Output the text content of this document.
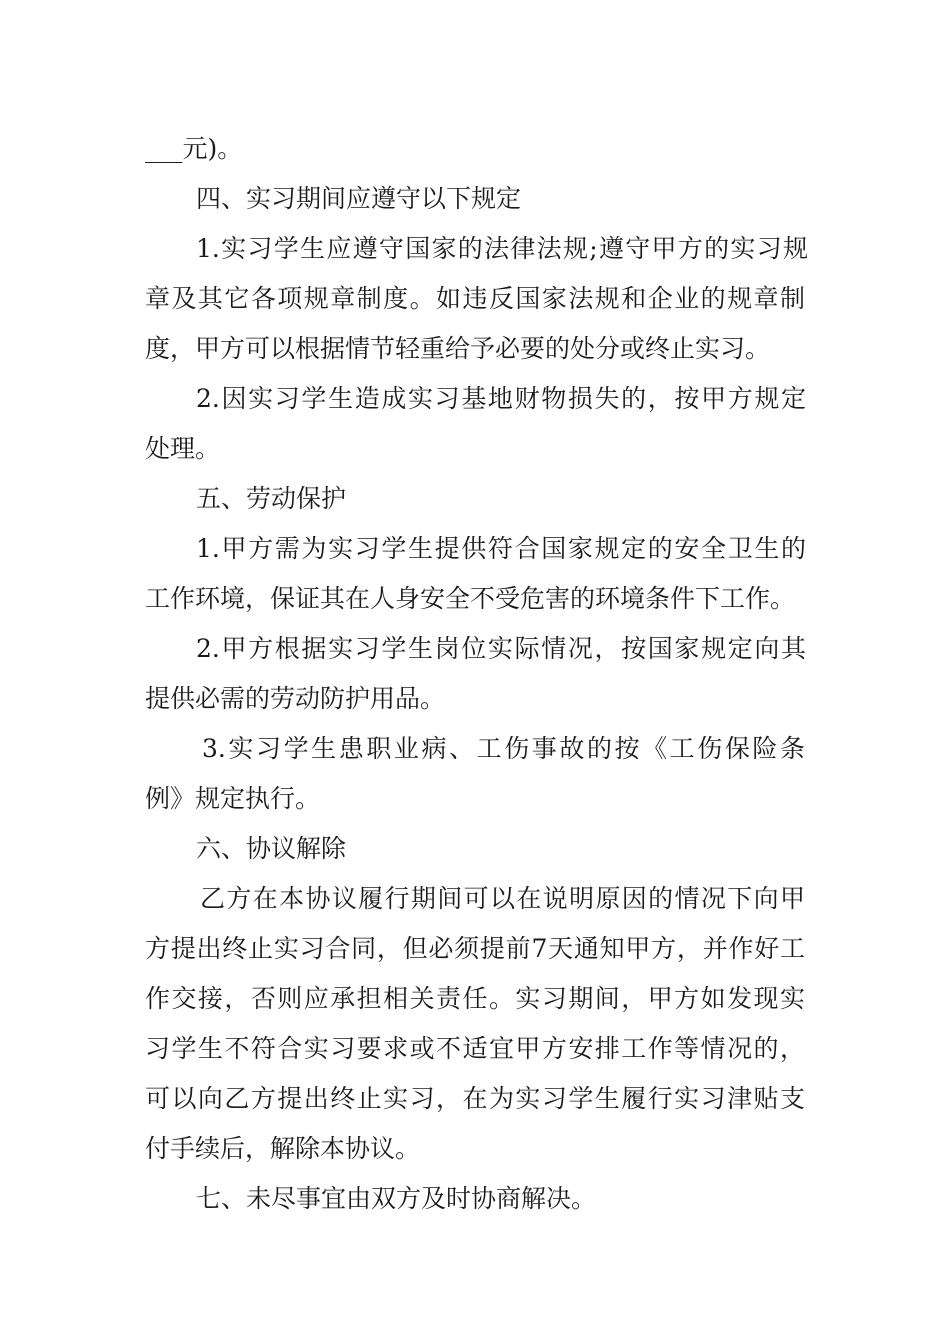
___元)。
四、实习期间应遵守以下规定
1.实习学生应遵守国家的法律法规;遵守甲方的实习规
章及其它各项规章制度。如违反国家法规和企业的规章制
度，甲方可以根据情节轻重给予必要的处分或终止实习。
2.因实习学生造成实习基地财物损失的，按甲方规定
处理。
五、劳动保护
1.甲方需为实习学生提供符合国家规定的安全卫生的
工作环境，保证其在人身安全不受危害的环境条件下工作。
2.甲方根据实习学生岗位实际情况，按国家规定向其
提供必需的劳动防护用品。
3.实习学生患职业病、工伤事故的按《工伤保险条
例》规定执行。
六、协议解除
乙方在本协议履行期间可以在说明原因的情况下向甲
方提出终止实习合同，但必须提前7天通知甲方，并作好工
作交接，否则应承担相关责任。实习期间，甲方如发现实
习学生不符合实习要求或不适宜甲方安排工作等情况的，
可以向乙方提出终止实习，在为实习学生履行实习津贴支
付手续后，解除本协议。
七、未尽事宜由双方及时协商解决。
